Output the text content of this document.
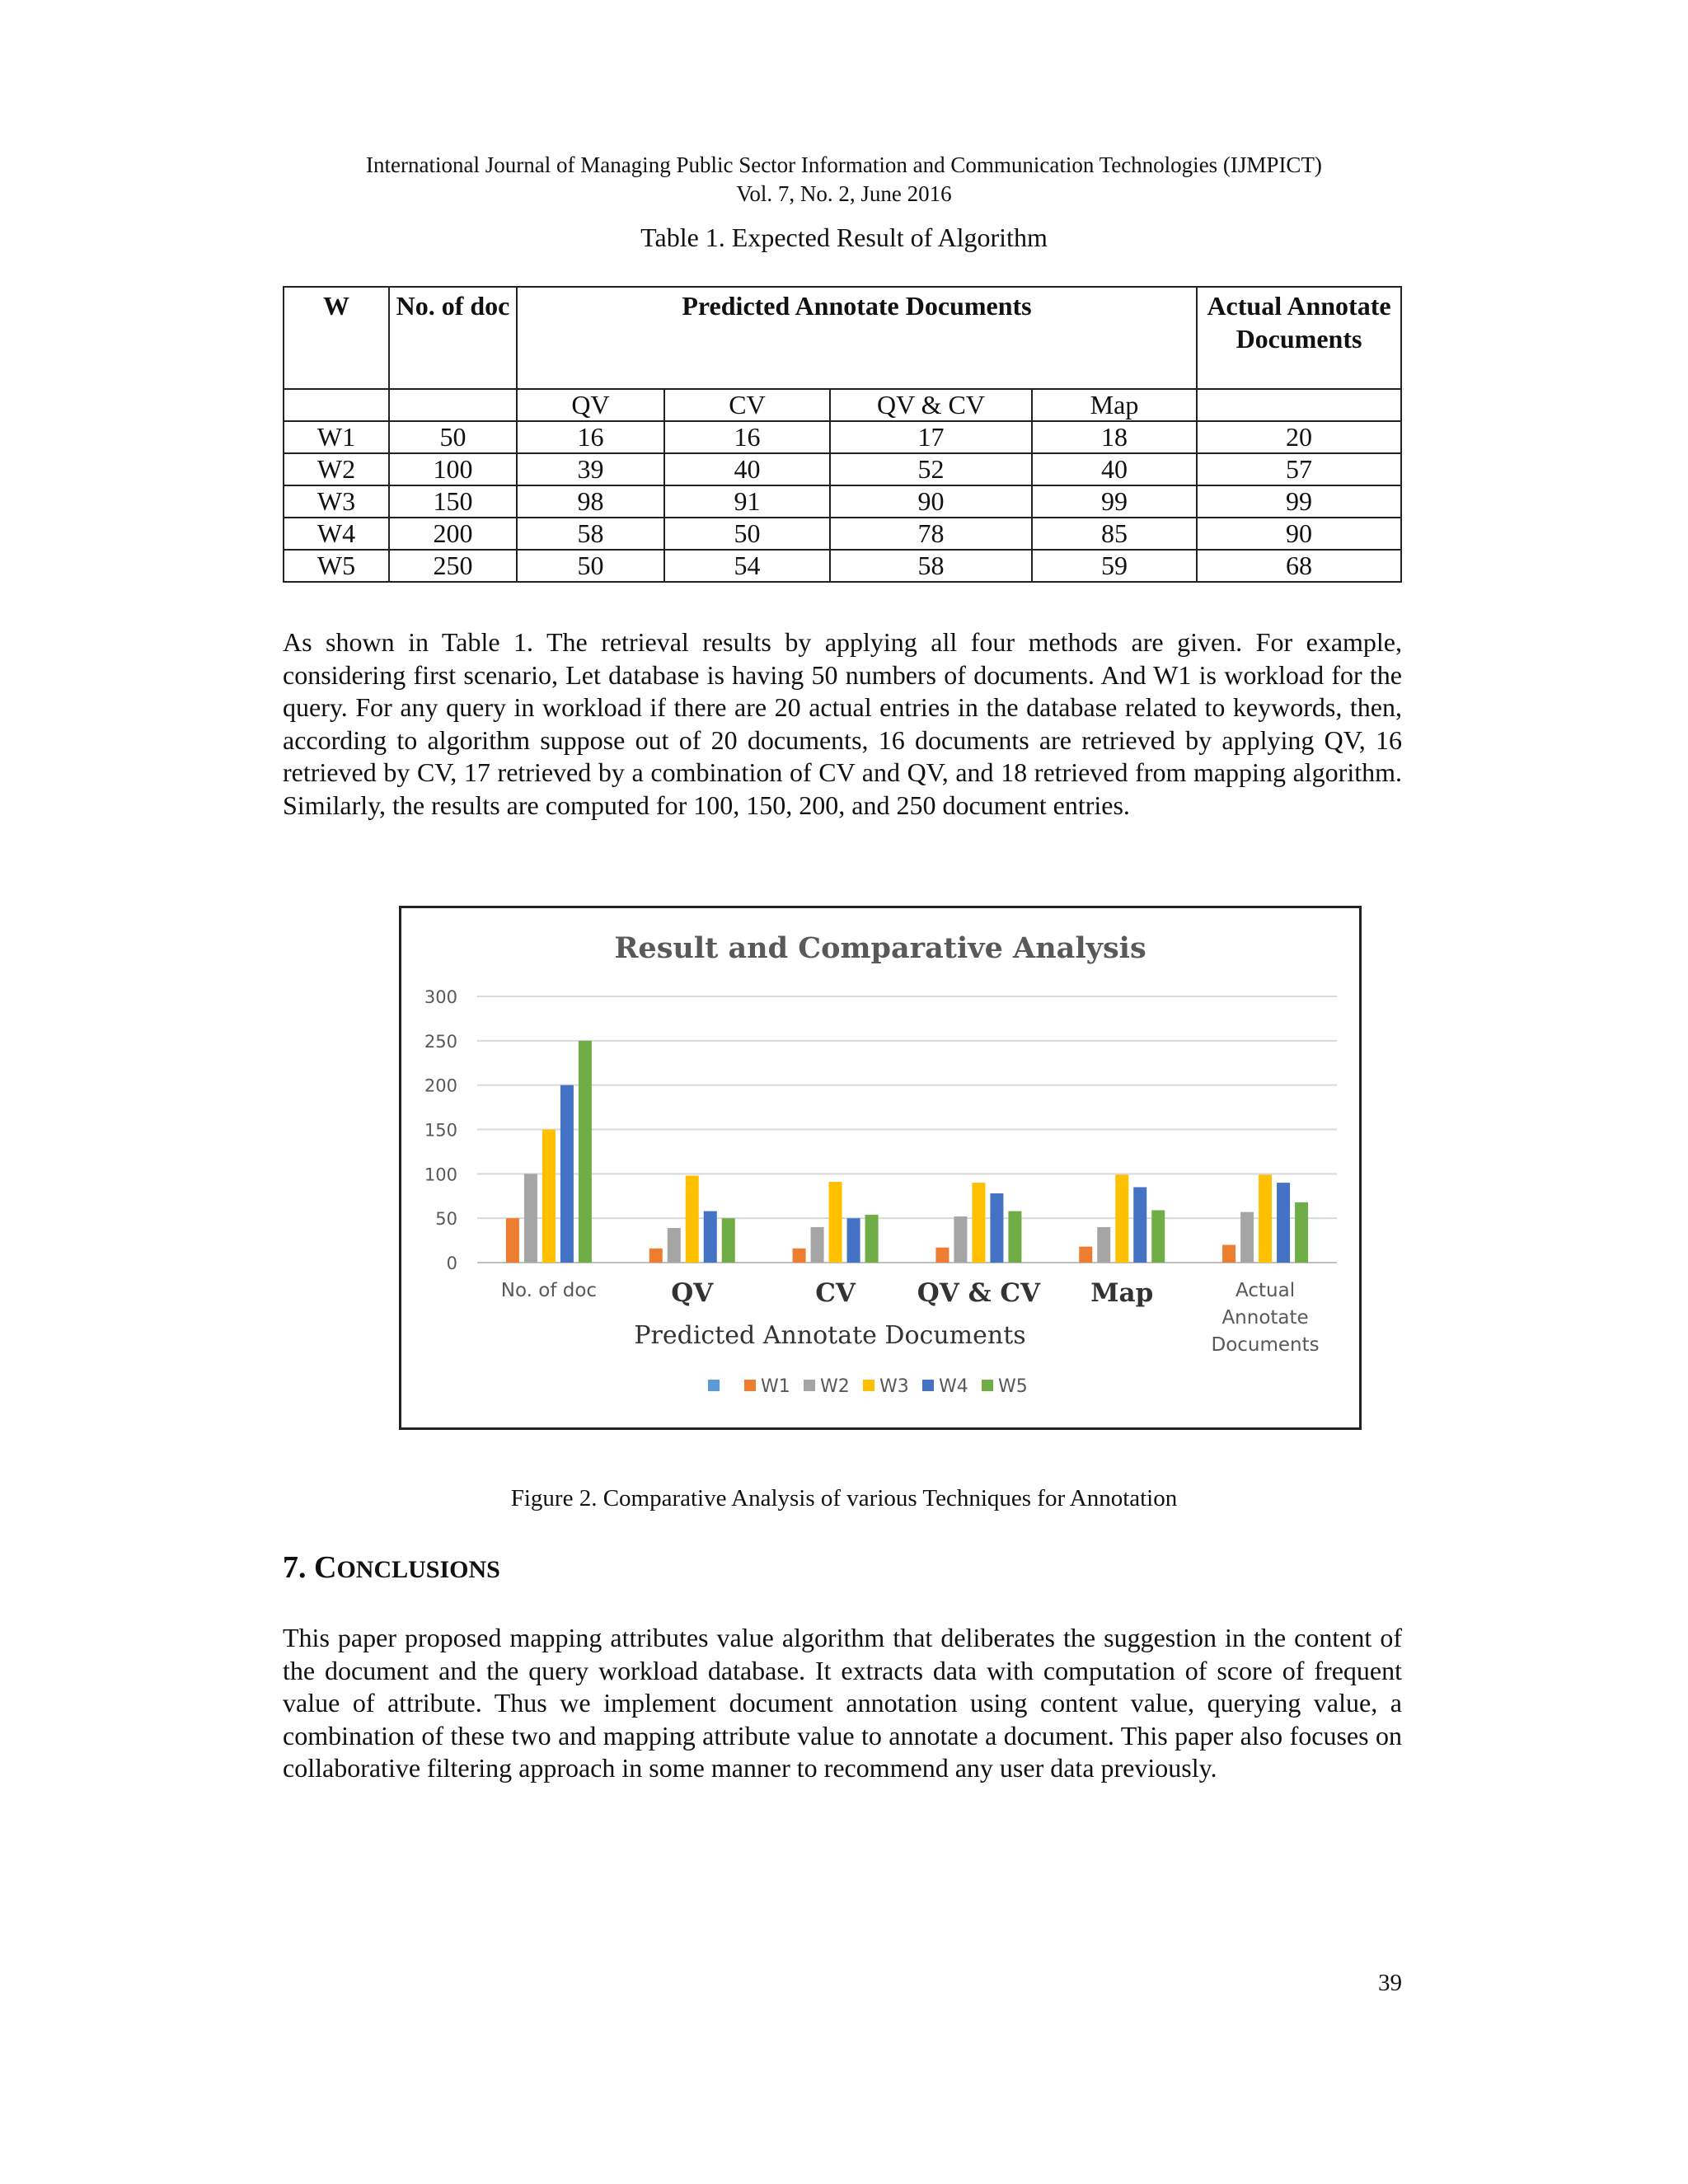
International Journal of Managing Public Sector Information and Communication Technologies (IJMPICT)
Vol. 7, No. 2, June 2016
Table 1. Expected Result of Algorithm
W	No. of doc	Predicted Annotate Documents				Actual Annotate Documents
		QV	CV	QV & CV	Map	
W1	50	16	16	17	18	20
W2	100	39	40	52	40	57
W3	150	98	91	90	99	99
W4	200	58	50	78	85	90
W5	250	50	54	58	59	68
As shown in Table 1. The retrieval results by applying all four methods are given. For example, considering first scenario, Let database is having 50 numbers of documents. And W1 is workload for the query. For any query in workload if there are 20 actual entries in the database related to keywords, then, according to algorithm suppose out of 20 documents, 16 documents are retrieved by applying QV, 16 retrieved by CV, 17 retrieved by a combination of CV and QV, and 18 retrieved from mapping algorithm. Similarly, the results are computed for 100, 150, 200, and 250 document entries.
Result and Comparative Analysis
0
50
100
150
200
250
300
No. of doc	QV	CV QV & CV Map	Actual
Annotate
Documents
Predicted Annotate Documents
W1 W2 W3 W4 W5
Figure 2. Comparative Analysis of various Techniques for Annotation
7. CONCLUSIONS
This paper proposed mapping attributes value algorithm that deliberates the suggestion in the content of the document and the query workload database. It extracts data with computation of score of frequent value of attribute. Thus we implement document annotation using content value, querying value, a combination of these two and mapping attribute value to annotate a document. This paper also focuses on collaborative filtering approach in some manner to recommend any user data previously.
39
